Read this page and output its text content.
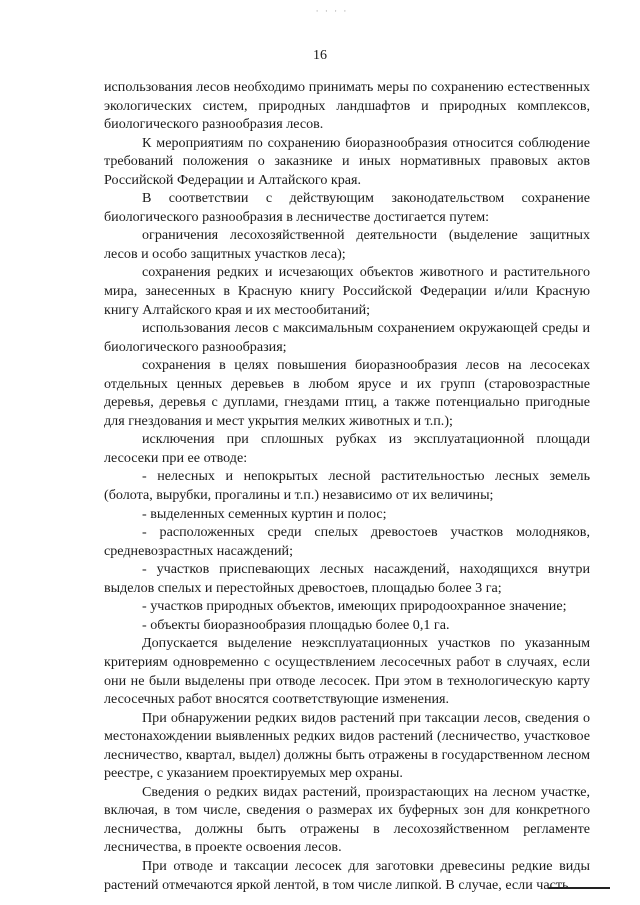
· · · ·
16

использования лесов необходимо принимать меры по сохранению естественных экологических систем, природных ландшафтов и природных комплексов, биологического разнообразия лесов.

К мероприятиям по сохранению биоразнообразия относится соблюдение требований положения о заказнике и иных нормативных правовых актов Российской Федерации и Алтайского края.

В соответствии с действующим законодательством сохранение биологического разнообразия в лесничестве достигается путем:

ограничения лесохозяйственной деятельности (выделение защитных лесов и особо защитных участков леса);

сохранения редких и исчезающих объектов животного и растительного мира, занесенных в Красную книгу Российской Федерации и/или Красную книгу Алтайского края и их местообитаний;

использования лесов с максимальным сохранением окружающей среды и биологического разнообразия;

сохранения в целях повышения биоразнообразия лесов на лесосеках отдельных ценных деревьев в любом ярусе и их групп (старовозрастные деревья, деревья с дуплами, гнездами птиц, а также потенциально пригодные для гнездования и мест укрытия мелких животных и т.п.);

исключения при сплошных рубках из эксплуатационной площади лесосеки при ее отводе:

- нелесных и непокрытых лесной растительностью лесных земель (болота, вырубки, прогалины и т.п.) независимо от их величины;

- выделенных семенных куртин и полос;

- расположенных среди спелых древостоев участков молодняков, средневозрастных насаждений;

- участков приспевающих лесных насаждений, находящихся внутри выделов спелых и перестойных древостоев, площадью более 3 га;

- участков природных объектов, имеющих природоохранное значение;

- объекты биоразнообразия площадью более 0,1 га.

Допускается выделение неэксплуатационных участков по указанным критериям одновременно с осуществлением лесосечных работ в случаях, если они не были выделены при отводе лесосек. При этом в технологическую карту лесосечных работ вносятся соответствующие изменения.

При обнаружении редких видов растений при таксации лесов, сведения о местонахождении выявленных редких видов растений (лесничество, участковое лесничество, квартал, выдел) должны быть отражены в государственном лесном реестре, с указанием проектируемых мер охраны.

Сведения о редких видах растений, произрастающих на лесном участке, включая, в том числе, сведения о размерах их буферных зон для конкретного лесничества, должны быть отражены в лесохозяйственном регламенте лесничества, в проекте освоения лесов.

При отводе и таксации лесосек для заготовки древесины редкие виды растений отмечаются яркой лентой, в том числе липкой. В случае, если часть
